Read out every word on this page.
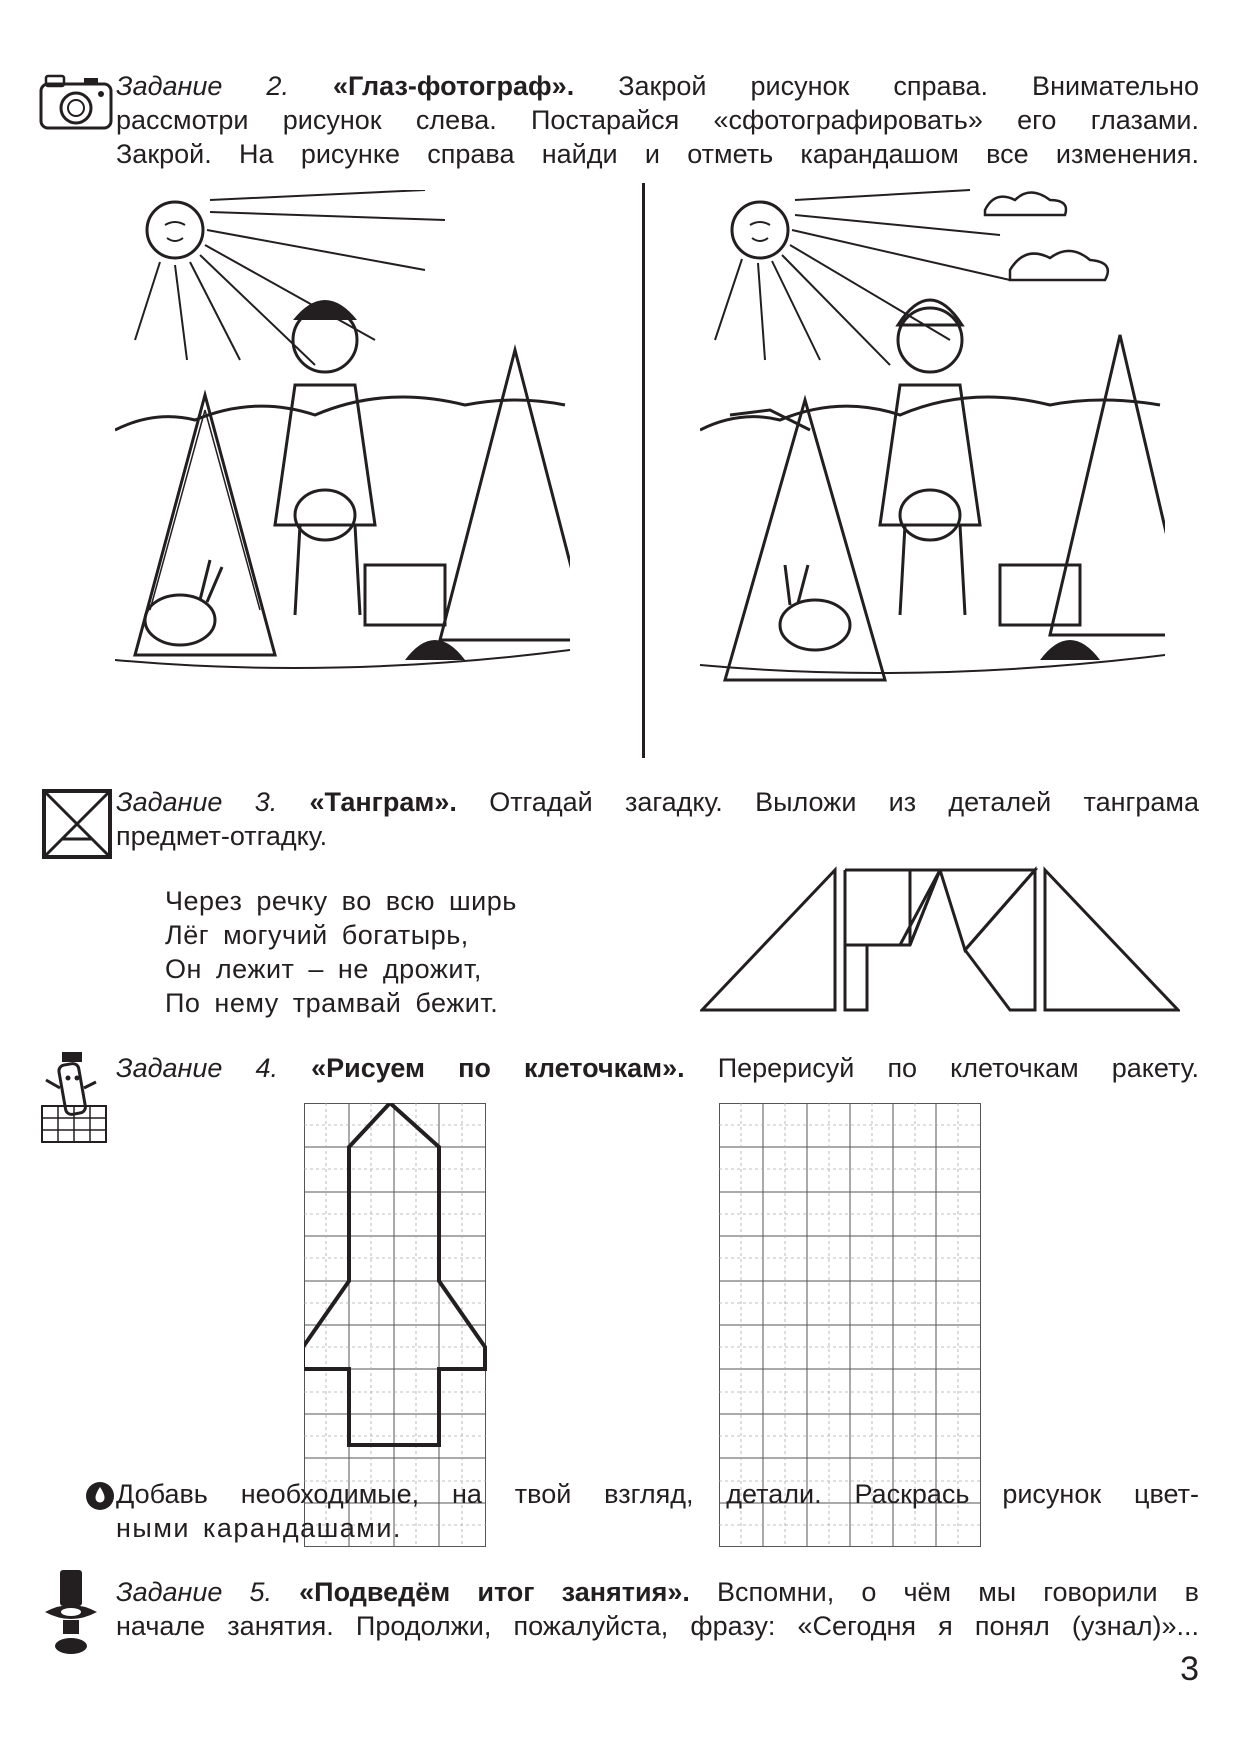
Задание 2. «Глаз-фотограф». Закрой рисунок справа. Внимательно
рассмотри рисунок слева. Постарайся «сфотографировать» его глазами.
Закрой. На рисунке справа найди и отметь карандашом все изменения.
Задание 3. «Танграм». Отгадай загадку. Выложи из деталей танграма
предмет-отгадку.
Через речку во всю ширь
Лёг могучий богатырь,
Он лежит – не дрожит,
По нему трамвай бежит.
Задание 4. «Рисуем по клеточкам». Перерисуй по клеточкам ракету.
Добавь необходимые, на твой взгляд, детали. Раскрась рисунок цвет-
ными карандашами.
Задание 5. «Подведём итог занятия». Вспомни, о чём мы говорили в
начале занятия. Продолжи, пожалуйста, фразу: «Сегодня я понял (узнал)»...
3
